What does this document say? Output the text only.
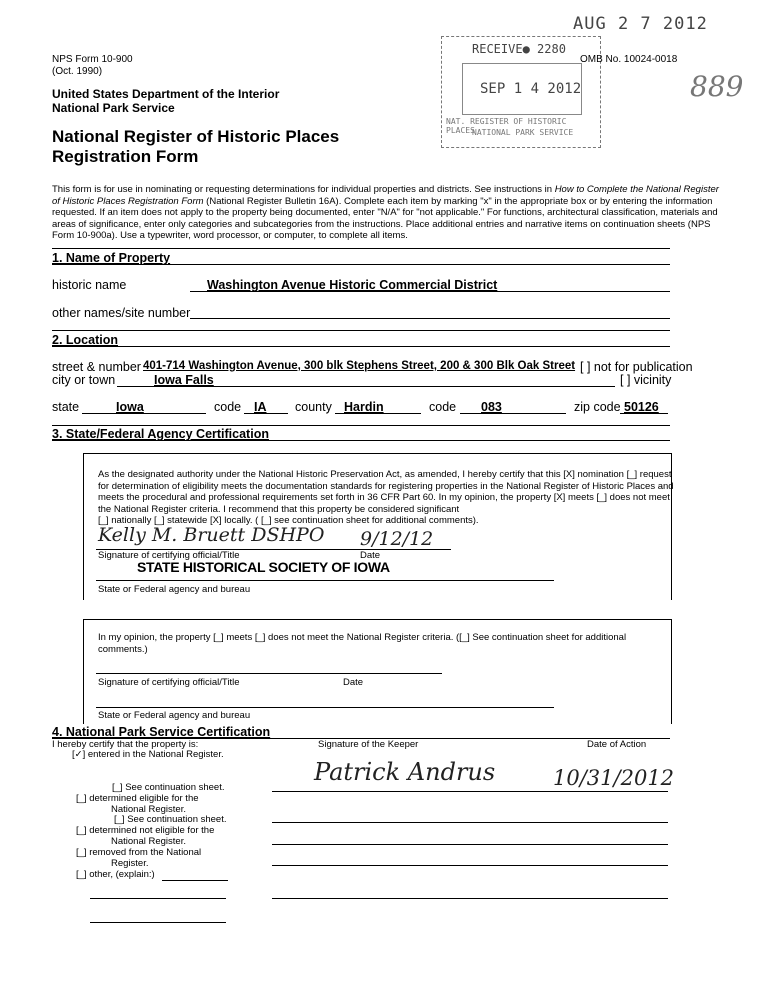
AUG 2 7 2012
NPS Form 10-900
(Oct. 1990)
United States Department of the Interior
National Park Service
National Register of Historic Places
Registration Form
RECEIVE● 2280
SEP 1 4 2012
NAT. REGISTER OF HISTORIC PLACES
NATIONAL PARK SERVICE
OMB No. 10024-0018
889
This form is for use in nominating or requesting determinations for individual properties and districts. See instructions in How to Complete the National Register of Historic Places Registration Form (National Register Bulletin 16A). Complete each item by marking "x" in the appropriate box or by entering the information requested. If an item does not apply to the property being documented, enter "N/A" for "not applicable." For functions, architectural classification, materials and areas of significance, enter only categories and subcategories from the instructions. Place additional entries and narrative items on continuation sheets (NPS Form 10-900a). Use a typewriter, word processor, or computer, to complete all items.
1. Name of Property
historic name	Washington Avenue Historic Commercial District
other names/site number
2. Location
street & number 401-714 Washington Avenue, 300 blk Stephens Street, 200 & 300 Blk Oak Street [ ] not for publication
city or town	Iowa Falls	[ ] vicinity
state	Iowa	code IA county Hardin	code 083	zip code 50126
3. State/Federal Agency Certification
As the designated authority under the National Historic Preservation Act, as amended, I hereby certify that this [X] nomination [_] request for determination of eligibility meets the documentation standards for registering properties in the National Register of Historic Places and meets the procedural and professional requirements set forth in 36 CFR Part 60. In my opinion, the property [X] meets [_] does not meet the National Register criteria. I recommend that this property be considered significant
[_] nationally [_] statewide [X] locally. ( [_] see continuation sheet for additional comments).
Kelly M. Bruett DSHPO 9/12/12
Signature of certifying official/Title	Date
STATE HISTORICAL SOCIETY OF IOWA
State or Federal agency and bureau
In my opinion, the property [_] meets [_] does not meet the National Register criteria. ([_] See continuation sheet for additional comments.)
Signature of certifying official/Title	Date
State or Federal agency and bureau
4. National Park Service Certification
I hereby certify that the property is:
[✓] entered in the National Register.
[_] See continuation sheet.
[_] determined eligible for the
National Register.
[_] See continuation sheet.
[_] determined not eligible for the
National Register.
[_] removed from the National
Register.
[_] other, (explain:)
Signature of the Keeper	Date of Action
Patrick Andrus	10/31/2012
